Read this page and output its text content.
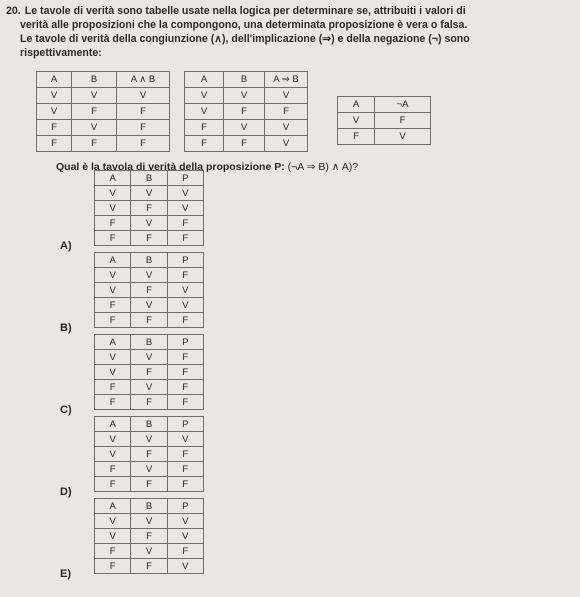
20. Le tavole di verità sono tabelle usate nella logica per determinare se, attribuiti i valori di
verità alle proposizioni che la compongono, una determinata proposizione è vera o falsa.
Le tavole di verità della congiunzione (∧), dell'implicazione (⇒) e della negazione (¬) sono
rispettivamente:
A	B	A ∧ B
V	V	V
V	F	F
F	V	F
F	F	F
A	B	A ⇒ B
V	V	V
V	F	F
F	V	V
F	F	V
A	¬A
V	F
F	V
Qual è la tavola di verità della proposizione P: (¬A ⇒ B) ∧ A)?
A	B	P
V	V	V
V	F	V
F	V	F
F	F	F
A)
A	B	P
V	V	F
V	F	V
F	V	V
F	F	F
B)
A	B	P
V	V	F
V	F	F
F	V	F
F	F	F
C)
A	B	P
V	V	V
V	F	F
F	V	F
F	F	F
D)
A	B	P
V	V	V
V	F	V
F	V	F
F	F	V
E)
